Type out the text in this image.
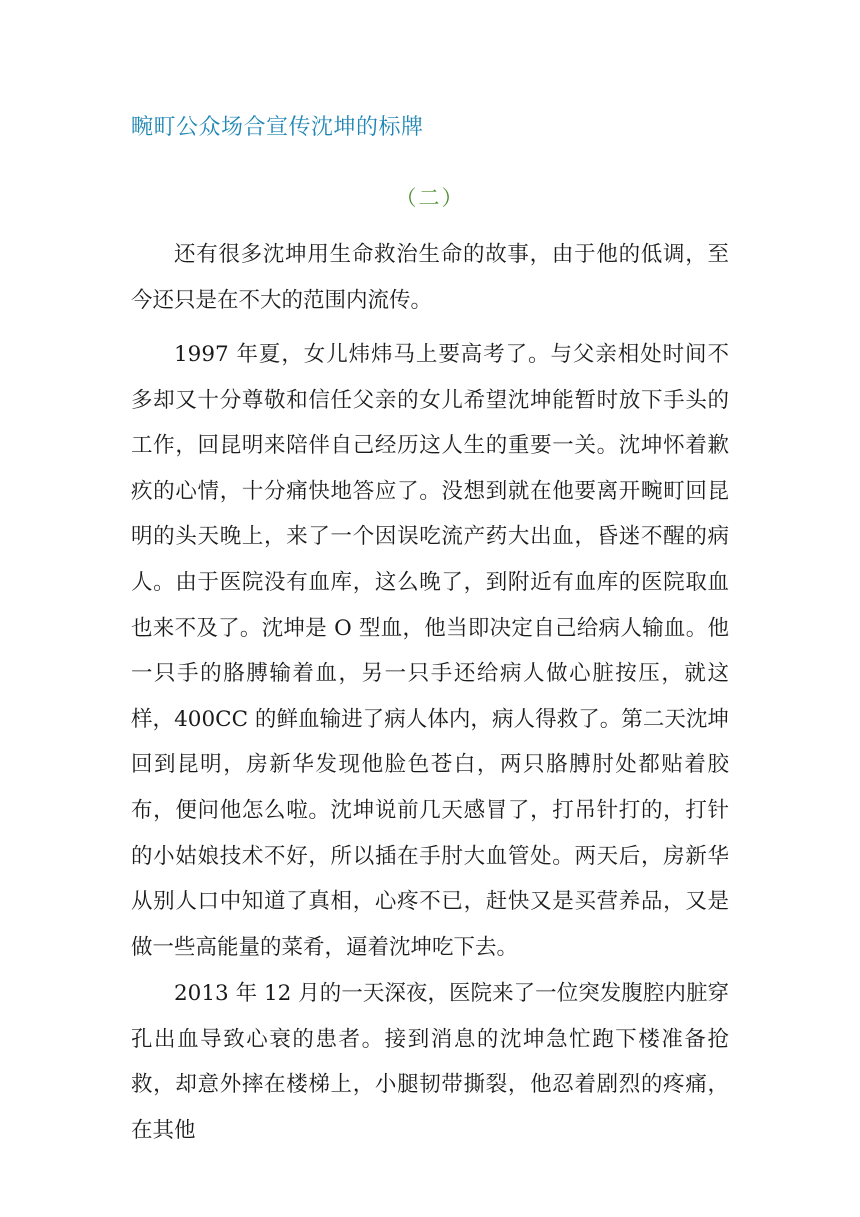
畹町公众场合宣传沈坤的标牌
（二）

还有很多沈坤用生命救治生命的故事，由于他的低调，至今还只是在不大的范围内流传。

1997 年夏，女儿炜炜马上要高考了。与父亲相处时间不多却又十分尊敬和信任父亲的女儿希望沈坤能暂时放下手头的工作，回昆明来陪伴自己经历这人生的重要一关。沈坤怀着歉疚的心情，十分痛快地答应了。没想到就在他要离开畹町回昆明的头天晚上，来了一个因误吃流产药大出血，昏迷不醒的病人。由于医院没有血库，这么晚了，到附近有血库的医院取血也来不及了。沈坤是 O 型血，他当即决定自己给病人输血。他一只手的胳膊输着血，另一只手还给病人做心脏按压，就这样，400CC 的鲜血输进了病人体内，病人得救了。第二天沈坤回到昆明，房新华发现他脸色苍白，两只胳膊肘处都贴着胶布，便问他怎么啦。沈坤说前几天感冒了，打吊针打的，打针的小姑娘技术不好，所以插在手肘大血管处。两天后，房新华从别人口中知道了真相，心疼不已，赶快又是买营养品，又是做一些高能量的菜肴，逼着沈坤吃下去。

2013 年 12 月的一天深夜，医院来了一位突发腹腔内脏穿孔出血导致心衰的患者。接到消息的沈坤急忙跑下楼准备抢救，却意外摔在楼梯上，小腿韧带撕裂，他忍着剧烈的疼痛，在其他
